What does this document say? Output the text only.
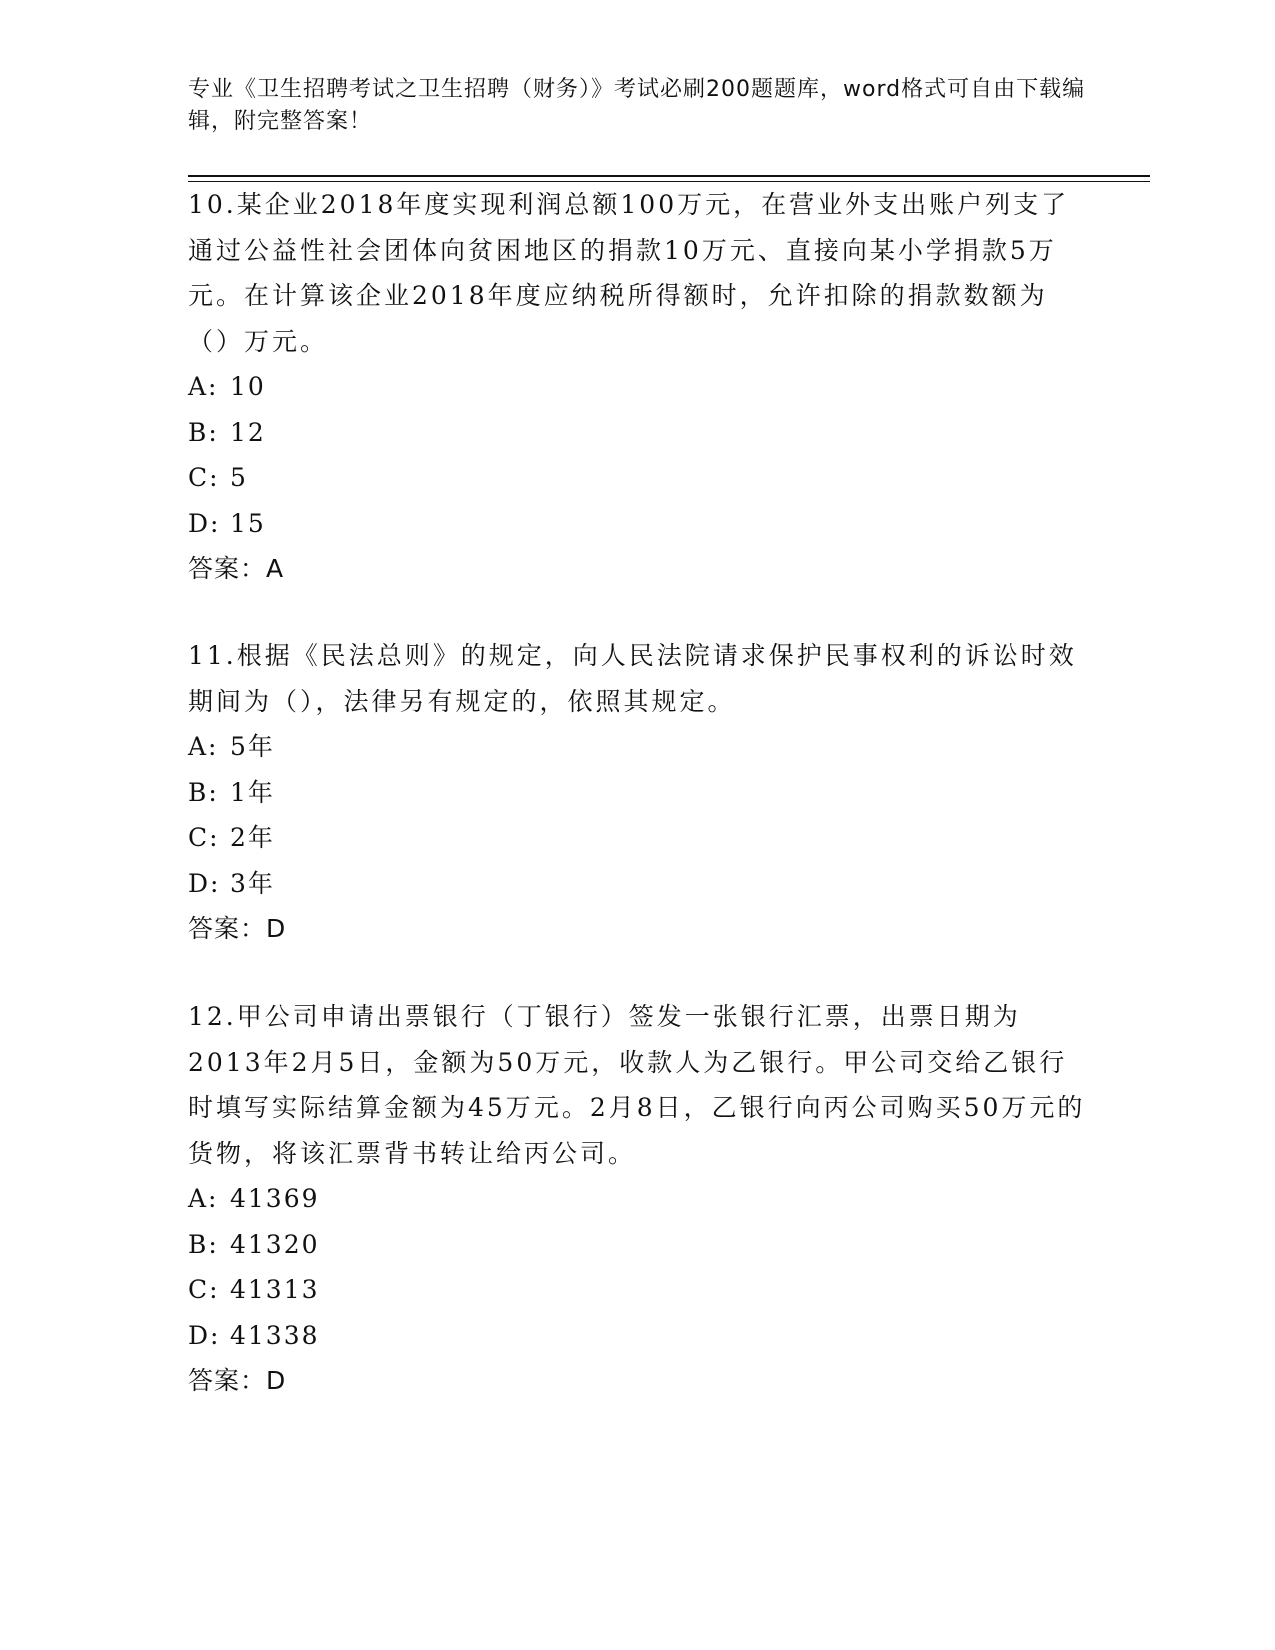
专业《卫生招聘考试之卫生招聘（财务）》考试必刷200题题库，word格式可自由下载编辑，附完整答案！

10.某企业2018年度实现利润总额100万元，在营业外支出账户列支了通过公益性社会团体向贫困地区的捐款10万元、直接向某小学捐款5万元。在计算该企业2018年度应纳税所得额时，允许扣除的捐款数额为（）万元。

A: 10

B: 12

C: 5

D: 15

答案：A

11.根据《民法总则》的规定，向人民法院请求保护民事权利的诉讼时效期间为（），法律另有规定的，依照其规定。

A: 5年

B: 1年

C: 2年

D: 3年

答案：D

12.甲公司申请出票银行（丁银行）签发一张银行汇票，出票日期为2013年2月5日，金额为50万元，收款人为乙银行。甲公司交给乙银行时填写实际结算金额为45万元。2月8日，乙银行向丙公司购买50万元的货物，将该汇票背书转让给丙公司。

A: 41369

B: 41320

C: 41313

D: 41338

答案：D
